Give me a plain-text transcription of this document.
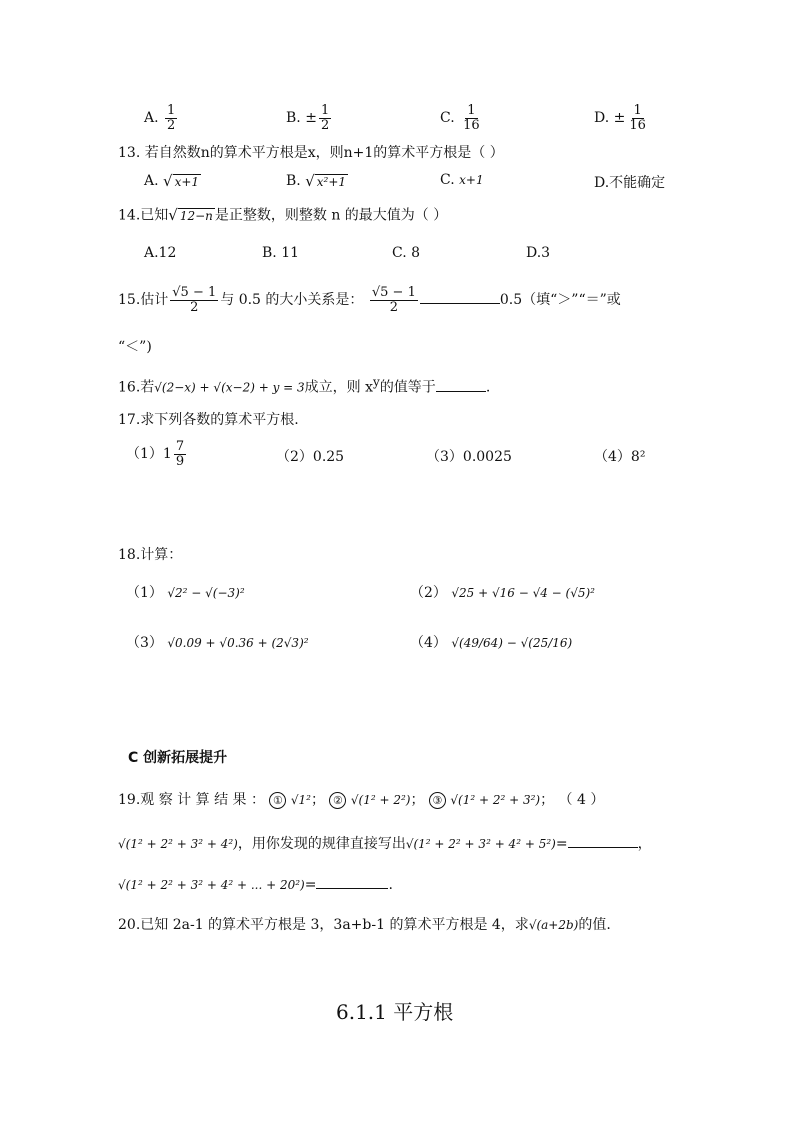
A. $\frac{1}{2}$	B. ± $\frac{1}{2}$	C. $\frac{1}{16}$	D. ± $\frac{1}{16}$
13. 若自然数n的算术平方根是x，则n+1的算术平方根是（ ）
A. √ x+1	B. √ x²+1	C. x+1	D.不能确定
14.已知√ 12−n 是正整数，则整数 n 的最大值为（ ）
A.12	B. 11	C. 8	D.3
15.估计 $\frac{√5 - 1}{2}$ 与 0.5 的大小关系是： $\frac{√5 - 1}{2}$	0.5（填“＞”“＝”或
“＜”)
16.若√(2−x) + √(x−2) + y = 3成立，则 $x^y$的值等于	.
17.求下列各数的算术平方根.
$(1)1 \frac{7}{9}$	（2）0.25	（3）0.0025	（4）8²
18.计算：
（1） √2² − √(−3)²	（2） √25 + √16 − √4 − (√5)²
（3） √0.09 + √0.36 + (2√3)²	（4） √(49/64) − √(25/16)
C 创新拓展提升
19.观 察 计 算 结 果 ： ① √1²； ② √(1² + 2²)； ③ √(1² + 2² + 3²)； （ 4 ）
√(1² + 2² + 3² + 4²)，用你发现的规律直接写出√(1² + 2² + 3² + 4² + 5²)=	，
√(1² + 2² + 3² + 4² + ... + 20²)=	.
20.已知 2a-1 的算术平方根是 3，3a+b-1 的算术平方根是 4，求√(a+2b)的值.
6.1.1 平方根
